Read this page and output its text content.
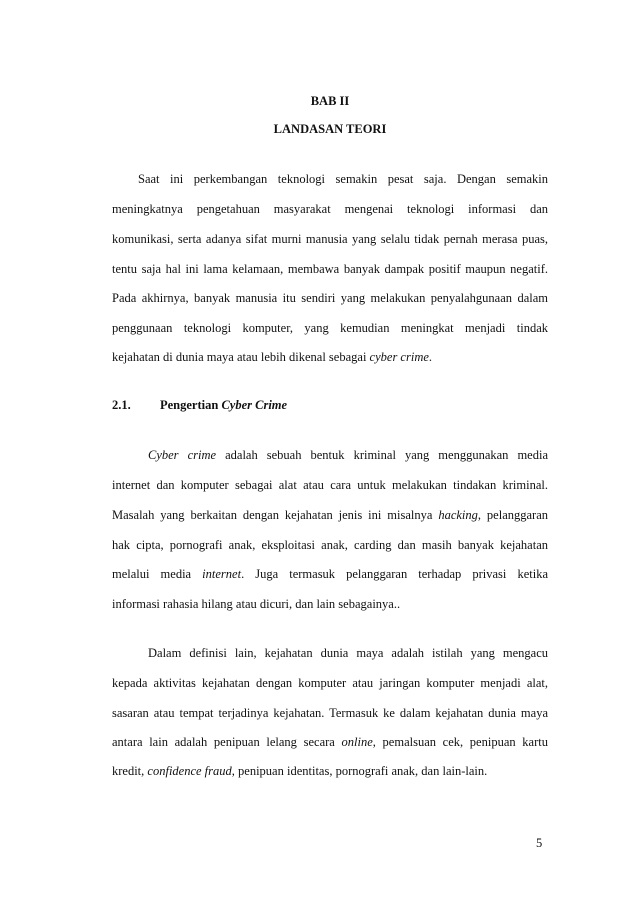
BAB II
LANDASAN TEORI
Saat ini perkembangan teknologi semakin pesat saja. Dengan semakin
meningkatnya pengetahuan masyarakat mengenai teknologi informasi dan
komunikasi, serta adanya sifat murni manusia yang selalu tidak pernah merasa puas,
tentu saja hal ini lama kelamaan, membawa banyak dampak positif maupun negatif.
Pada akhirnya, banyak manusia itu sendiri yang melakukan penyalahgunaan dalam
penggunaan teknologi komputer, yang kemudian meningkat menjadi tindak
kejahatan di dunia maya atau lebih dikenal sebagai cyber crime.
2.1. Pengertian Cyber Crime
Cyber crime adalah sebuah bentuk kriminal yang menggunakan media
internet dan komputer sebagai alat atau cara untuk melakukan tindakan kriminal.
Masalah yang berkaitan dengan kejahatan jenis ini misalnya hacking, pelanggaran
hak cipta, pornografi anak, eksploitasi anak, carding dan masih banyak kejahatan
melalui media internet. Juga termasuk pelanggaran terhadap privasi ketika
informasi rahasia hilang atau dicuri, dan lain sebagainya..
Dalam definisi lain, kejahatan dunia maya adalah istilah yang mengacu
kepada aktivitas kejahatan dengan komputer atau jaringan komputer menjadi alat,
sasaran atau tempat terjadinya kejahatan. Termasuk ke dalam kejahatan dunia maya
antara lain adalah penipuan lelang secara online, pemalsuan cek, penipuan kartu
kredit, confidence fraud, penipuan identitas, pornografi anak, dan lain-lain.
5
